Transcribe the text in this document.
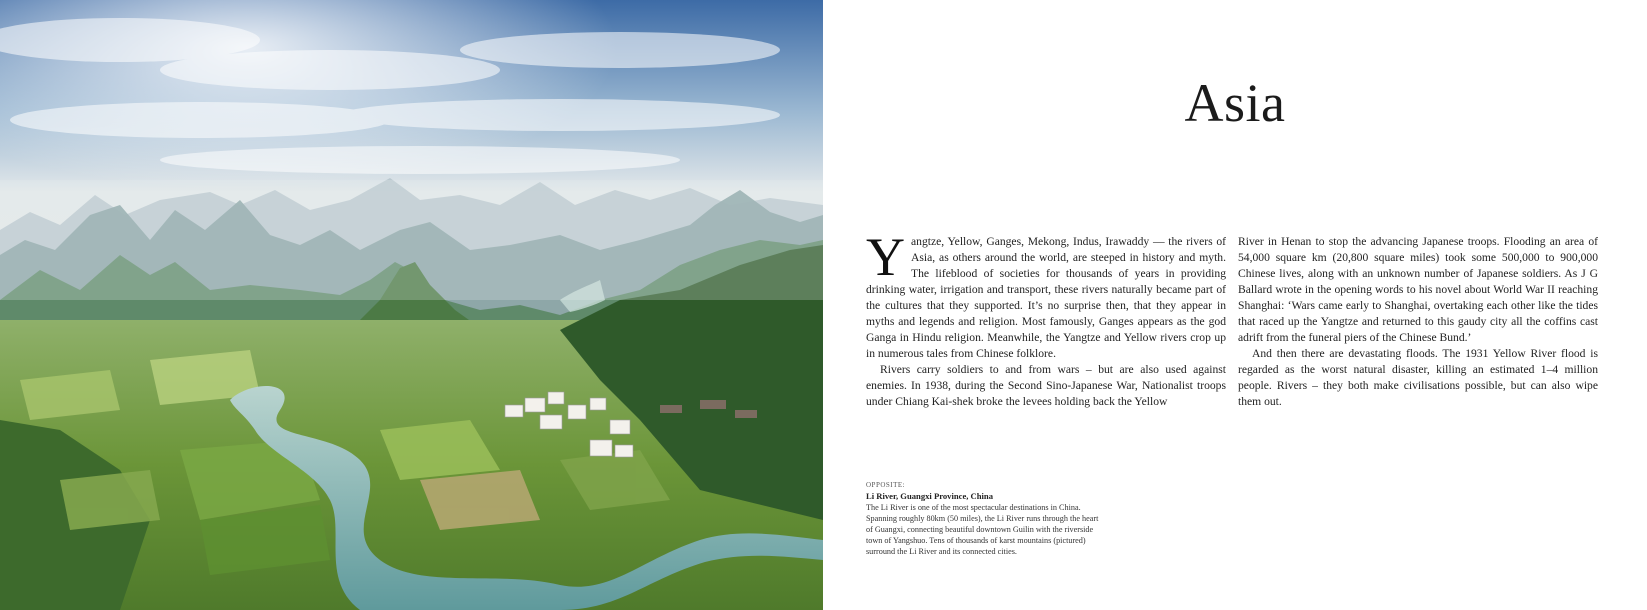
Asia

Yangtze, Yellow, Ganges, Mekong, Indus, Irawaddy — the rivers of Asia, as others around the world, are steeped in history and myth. The lifeblood of societies for thousands of years in providing drinking water, irrigation and transport, these rivers naturally became part of the cultures that they supported. It’s no surprise then, that they appear in myths and legends and religion. Most famously, Ganges appears as the god Ganga in Hindu religion. Meanwhile, the Yangtze and Yellow rivers crop up in numerous tales from Chinese folklore.

Rivers carry soldiers to and from wars – but are also used against enemies. In 1938, during the Second Sino-Japanese War, Nationalist troops under Chiang Kai-shek broke the levees holding back the Yellow

River in Henan to stop the advancing Japanese troops. Flooding an area of 54,000 square km (20,800 square miles) took some 500,000 to 900,000 Chinese lives, along with an unknown number of Japanese soldiers. As J G Ballard wrote in the opening words to his novel about World War II reaching Shanghai: ‘Wars came early to Shanghai, overtaking each other like the tides that raced up the Yangtze and returned to this gaudy city all the coffins cast adrift from the funeral piers of the Chinese Bund.’

And then there are devastating floods. The 1931 Yellow River flood is regarded as the worst natural disaster, killing an estimated 1–4 million people. Rivers – they both make civilisations possible, but can also wipe them out.

OPPOSITE:
Li River, Guangxi Province, China
The Li River is one of the most spectacular destinations in China. Spanning roughly 80km (50 miles), the Li River runs through the heart of Guangxi, connecting beautiful downtown Guilin with the riverside town of Yangshuo. Tens of thousands of karst mountains (pictured) surround the Li River and its connected cities.
